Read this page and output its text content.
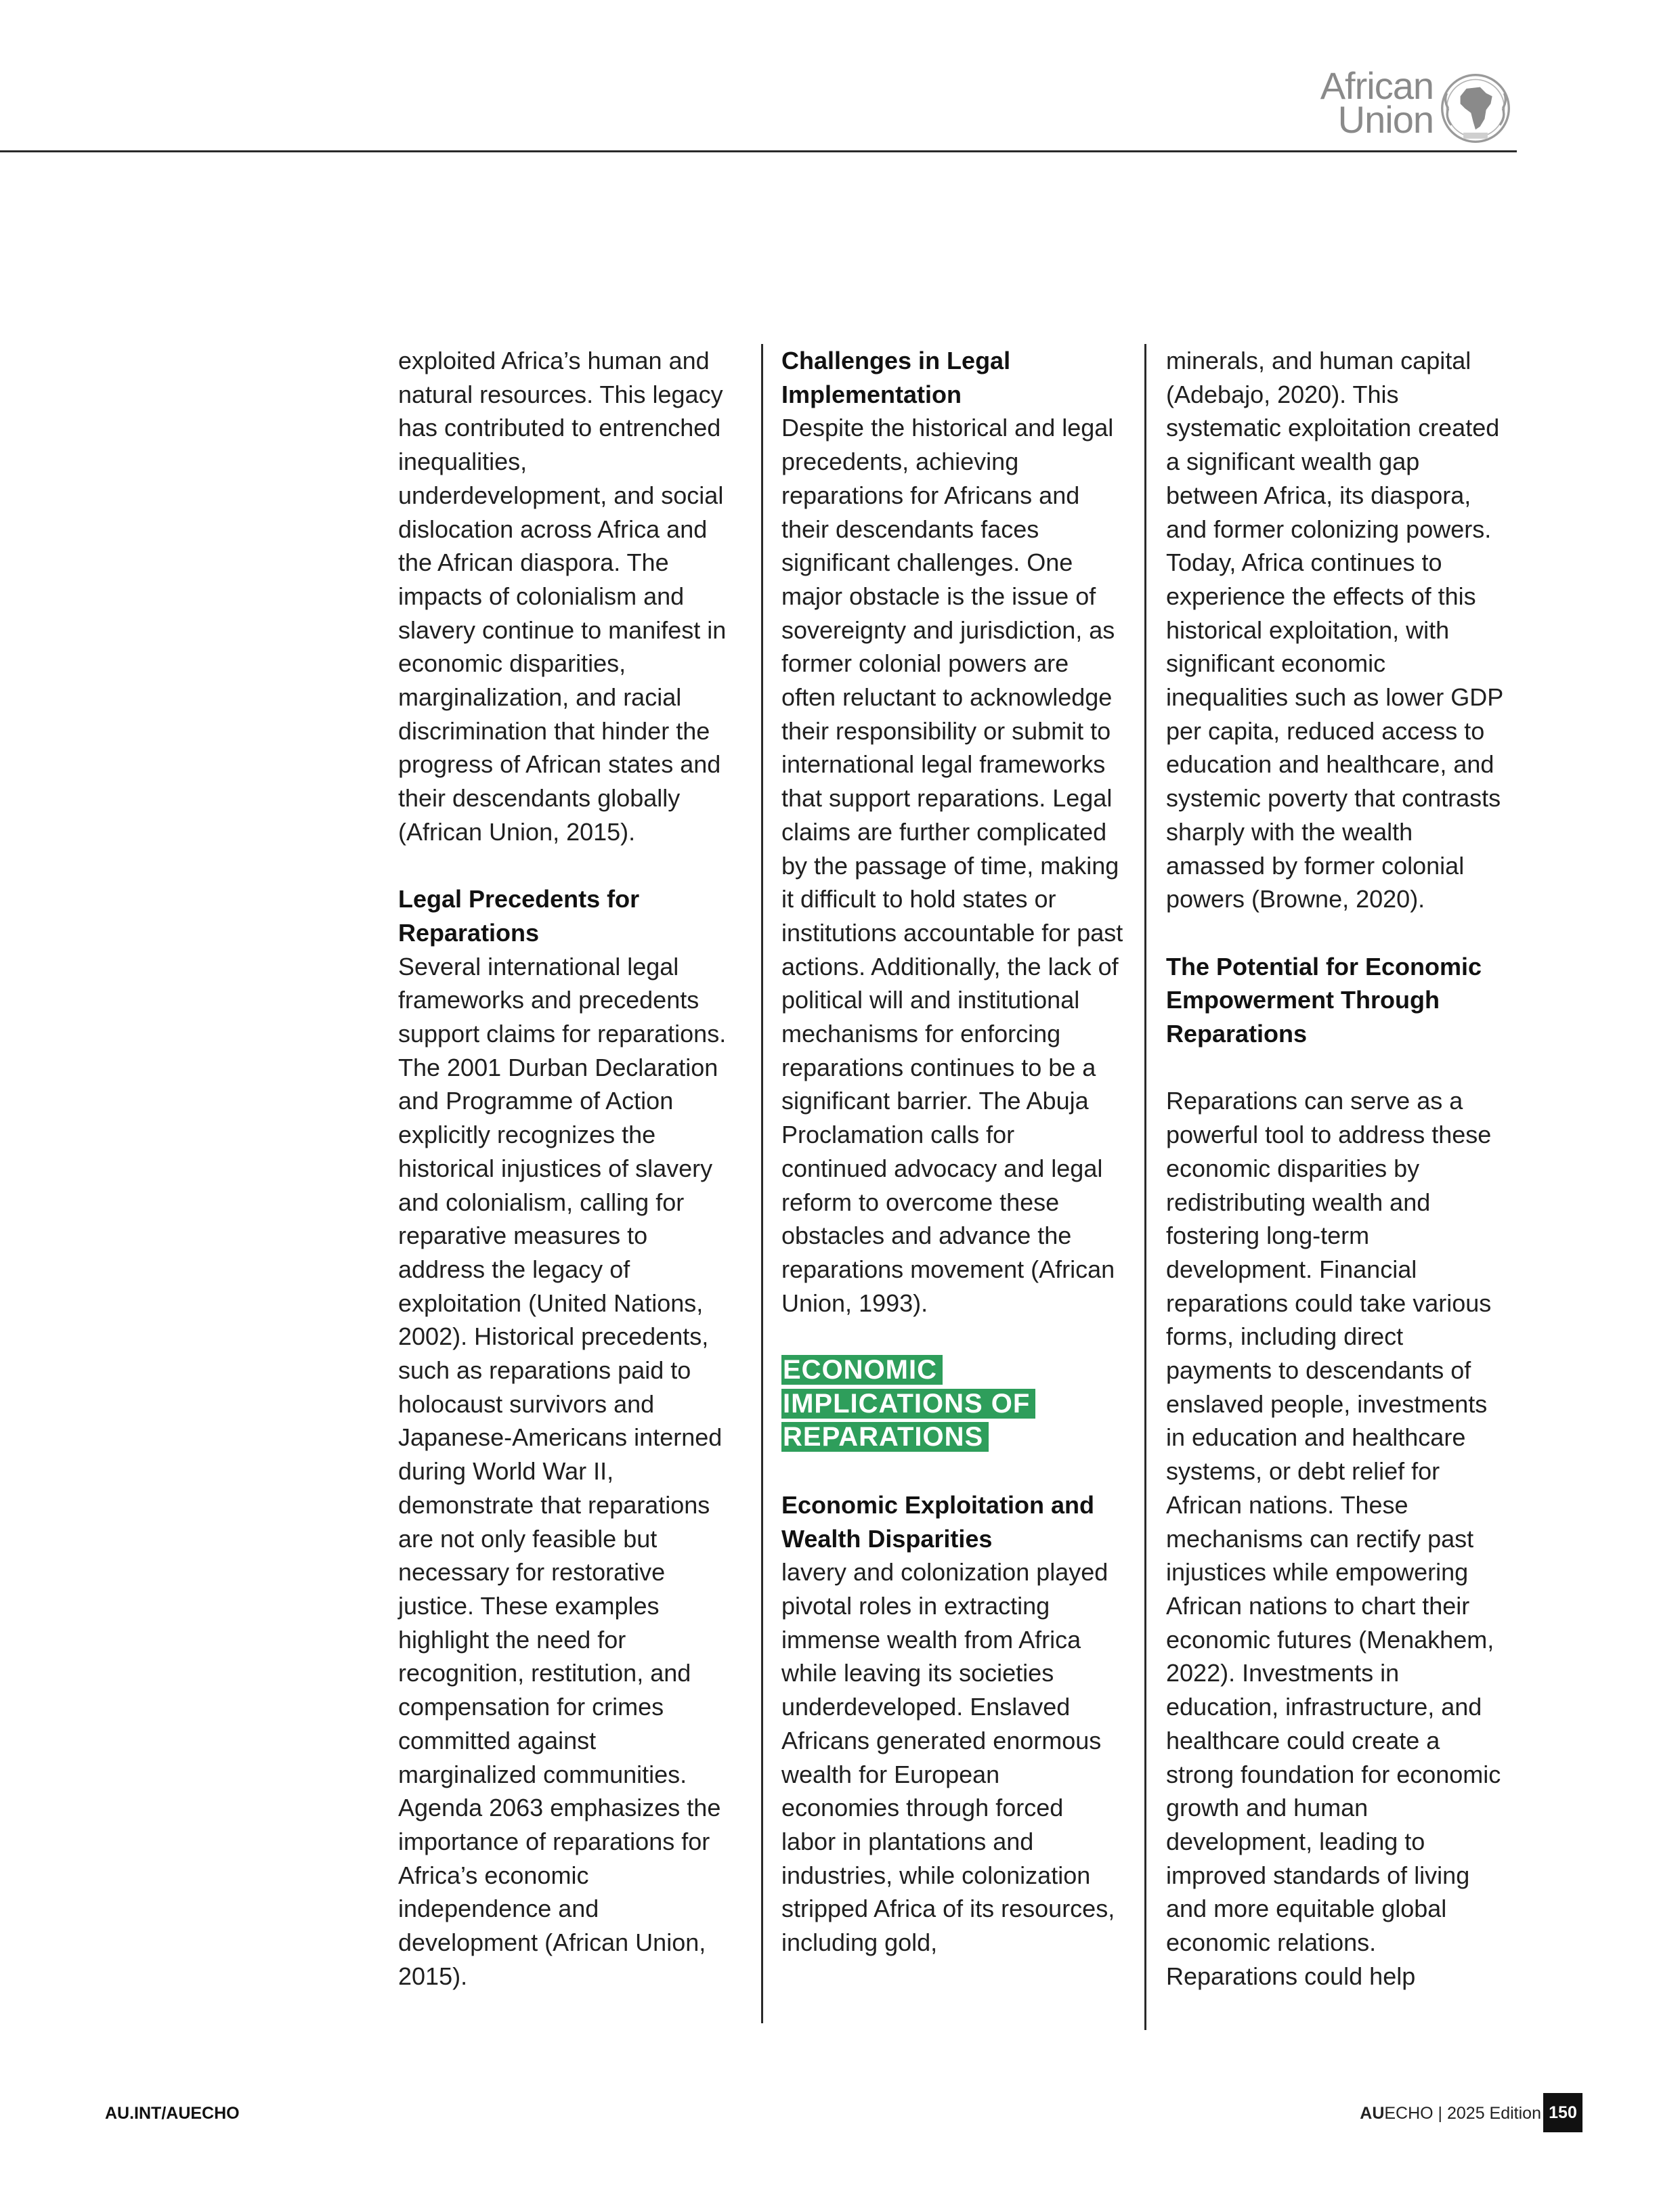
African
Union

exploited Africa’s human and natural resources. This legacy has contributed to entrenched inequalities, underdevelopment, and social dislocation across Africa and the African diaspora. The impacts of colonialism and slavery continue to manifest in economic disparities, marginalization, and racial discrimination that hinder the progress of African states and their descendants globally (African Union, 2015).

Legal Precedents for Reparations

Several international legal frameworks and precedents support claims for reparations. The 2001 Durban Declaration and Programme of Action explicitly recognizes the historical injustices of slavery and colonialism, calling for reparative measures to address the legacy of exploitation (United Nations, 2002). Historical precedents, such as reparations paid to holocaust survivors and Japanese-Americans interned during World War II, demonstrate that reparations are not only feasible but necessary for restorative justice. These examples highlight the need for recognition, restitution, and compensation for crimes committed against marginalized communities. Agenda 2063 emphasizes the importance of reparations for Africa’s economic independence and development (African Union, 2015).

Challenges in Legal Implementation

Despite the historical and legal precedents, achieving reparations for Africans and their descendants faces significant challenges. One major obstacle is the issue of sovereignty and jurisdiction, as former colonial powers are often reluctant to acknowledge their responsibility or submit to international legal frameworks that support reparations. Legal claims are further complicated by the passage of time, making it difficult to hold states or institutions accountable for past actions. Additionally, the lack of political will and institutional mechanisms for enforcing reparations continues to be a significant barrier. The Abuja Proclamation calls for continued advocacy and legal reform to overcome these obstacles and advance the reparations movement (African Union, 1993).

ECONOMIC IMPLICATIONS OF REPARATIONS

Economic Exploitation and Wealth Disparities

lavery and colonization played pivotal roles in extracting immense wealth from Africa while leaving its societies underdeveloped. Enslaved Africans generated enormous wealth for European economies through forced labor in plantations and industries, while colonization stripped Africa of its resources, including gold,

minerals, and human capital (Adebajo, 2020). This systematic exploitation created a significant wealth gap between Africa, its diaspora, and former colonizing powers. Today, Africa continues to experience the effects of this historical exploitation, with significant economic inequalities such as lower GDP per capita, reduced access to education and healthcare, and systemic poverty that contrasts sharply with the wealth amassed by former colonial powers (Browne, 2020).

The Potential for Economic Empowerment Through Reparations

Reparations can serve as a powerful tool to address these economic disparities by redistributing wealth and fostering long-term development. Financial reparations could take various forms, including direct payments to descendants of enslaved people, investments in education and healthcare systems, or debt relief for African nations. These mechanisms can rectify past injustices while empowering African nations to chart their economic futures (Menakhem, 2022). Investments in education, infrastructure, and healthcare could create a strong foundation for economic growth and human development, leading to improved standards of living and more equitable global economic relations. Reparations could help

AU.INT/AUECHO	AUECHO | 2025 Edition 150
